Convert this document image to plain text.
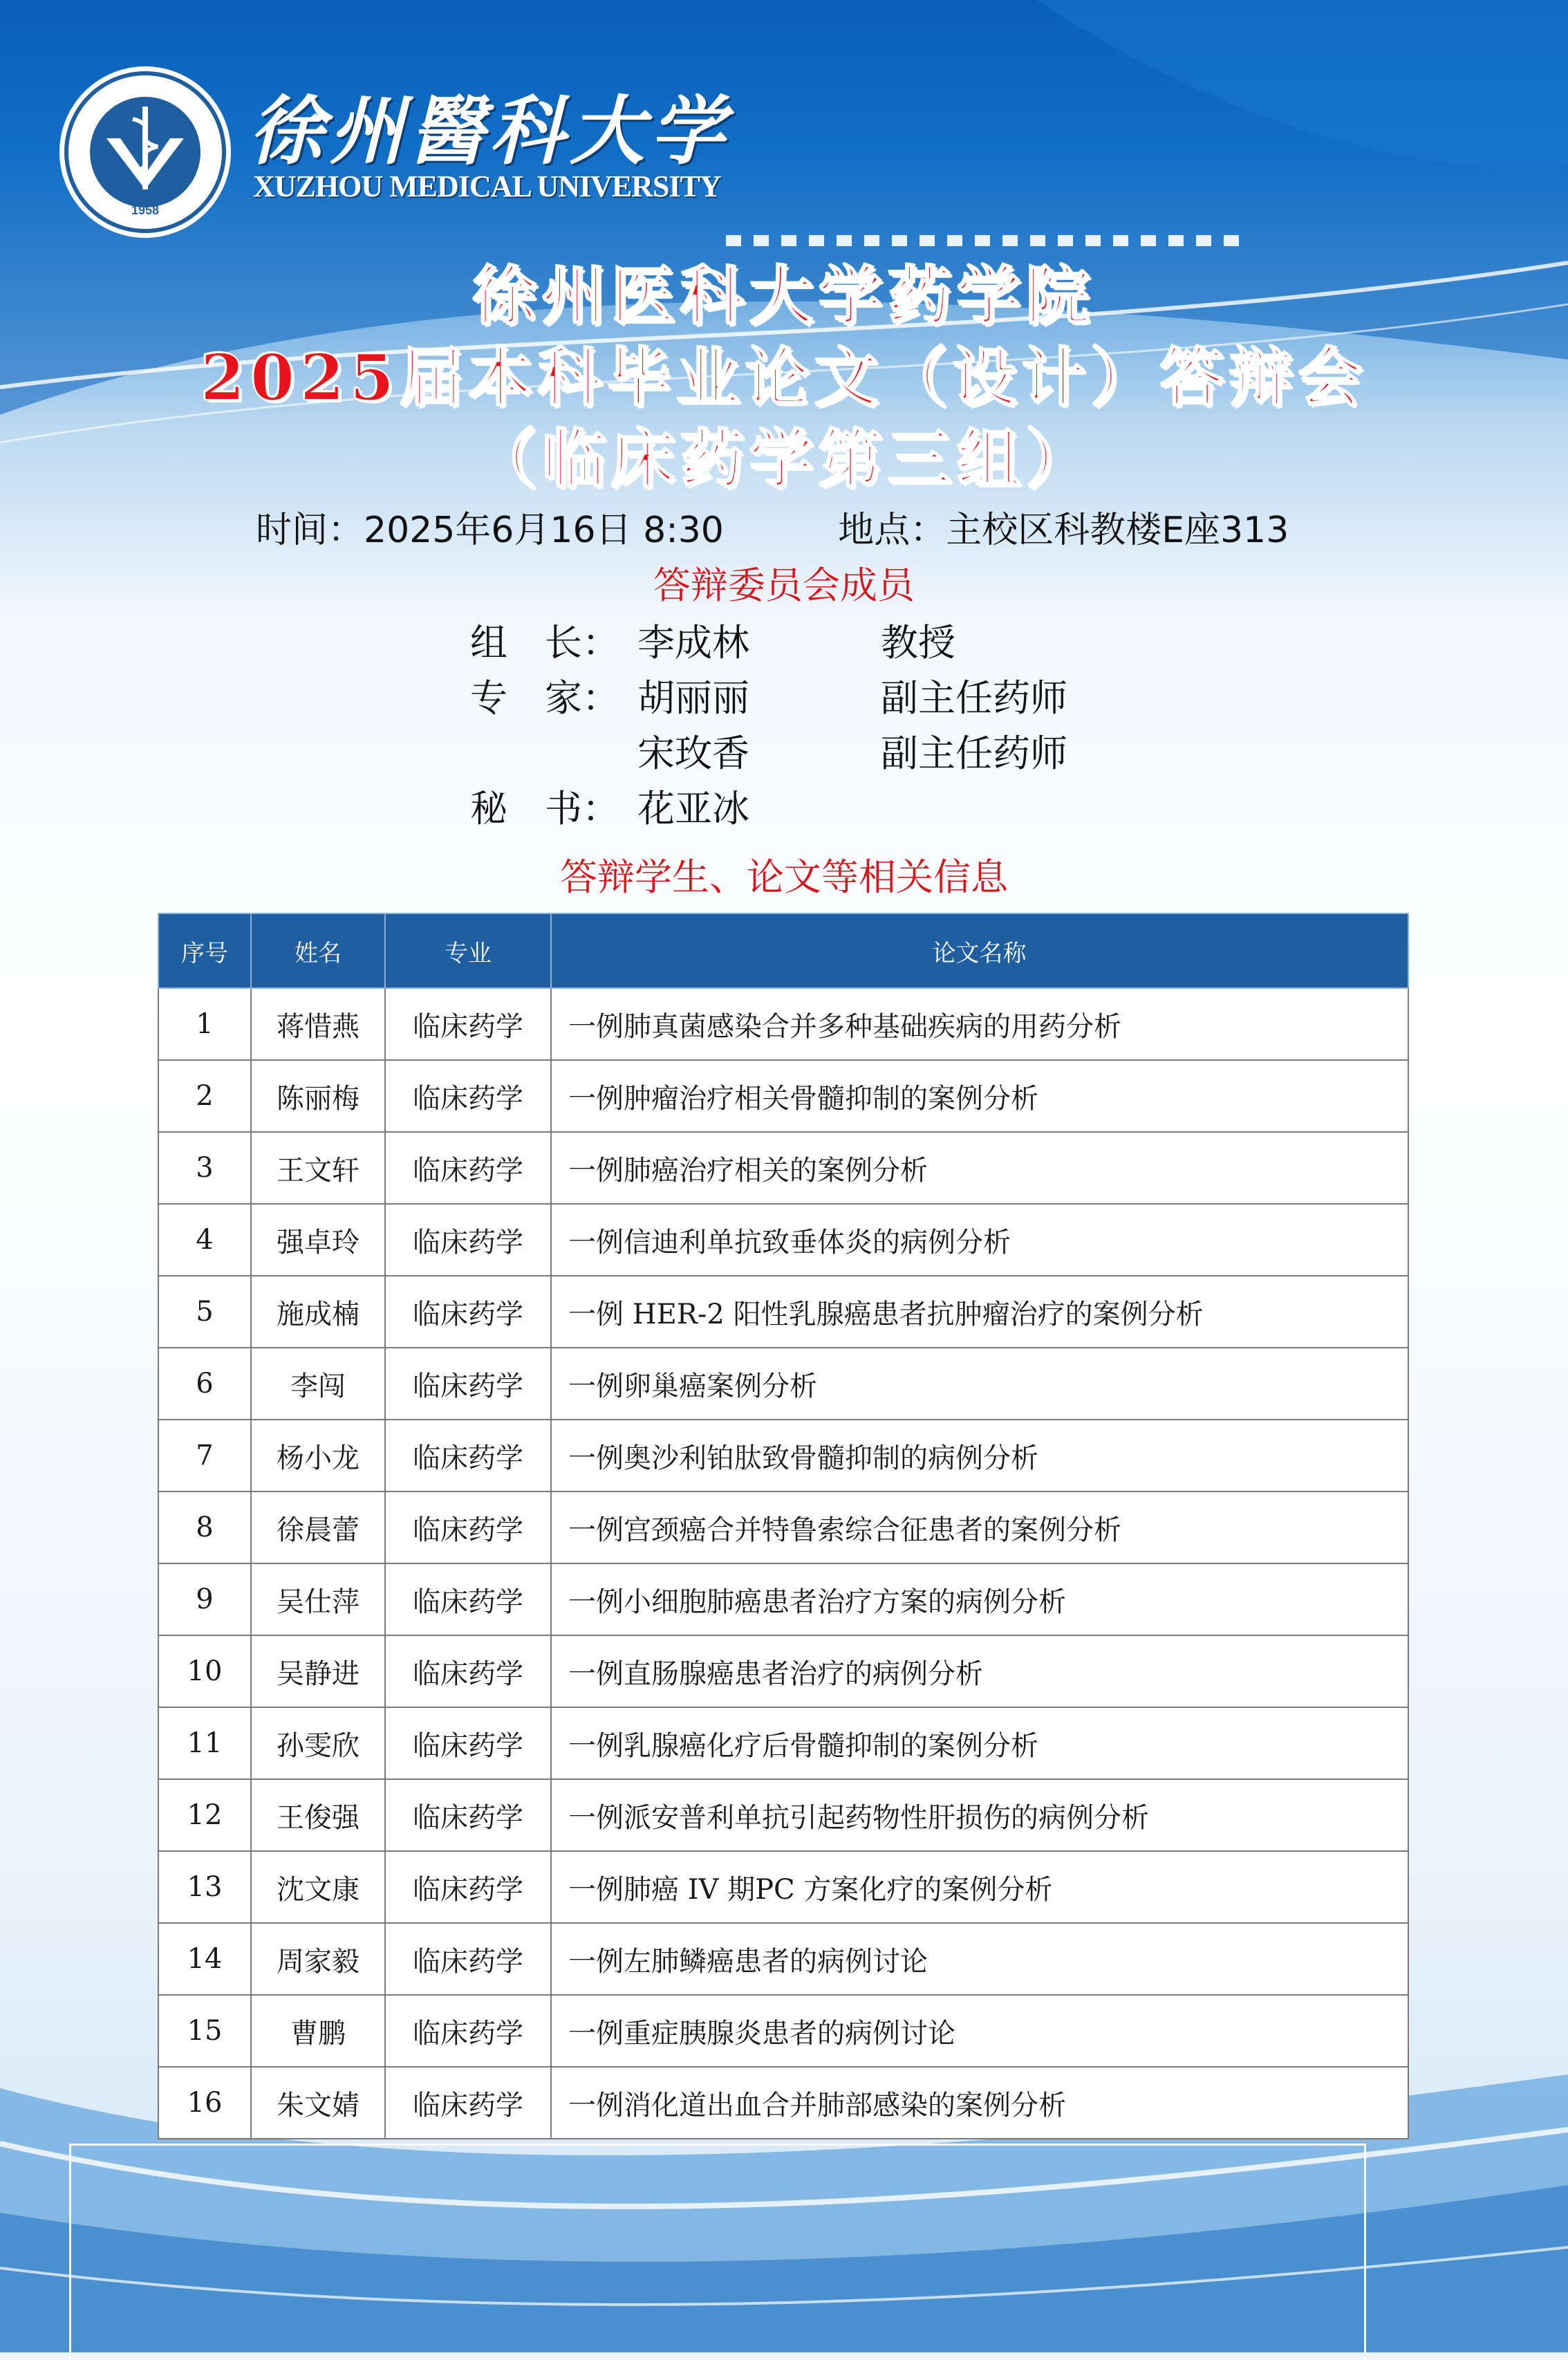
1958
徐州醫科大学
XUZHOU MEDICAL UNIVERSITY
徐州医科大学药学院
2025届本科毕业论文（设计）答辩会
（临床药学第三组）
时间：2025年6月16日 8:30	地点：主校区科教楼E座313
答辩委员会成员
组　长： 李成林	教授
专　家： 胡丽丽	副主任药师
宋玫香	副主任药师
秘　书： 花亚冰
答辩学生、论文等相关信息
序号	姓名	专业	论文名称
1	蒋惜燕	临床药学	一例肺真菌感染合并多种基础疾病的用药分析
2	陈丽梅	临床药学	一例肿瘤治疗相关骨髓抑制的案例分析
3	王文轩	临床药学	一例肺癌治疗相关的案例分析
4	强卓玲	临床药学	一例信迪利单抗致垂体炎的病例分析
5	施成楠	临床药学	一例 HER-2 阳性乳腺癌患者抗肿瘤治疗的案例分析
6	李闯	临床药学	一例卵巢癌案例分析
7	杨小龙	临床药学	一例奥沙利铂肽致骨髓抑制的病例分析
8	徐晨蕾	临床药学	一例宫颈癌合并特鲁索综合征患者的案例分析
9	吴仕萍	临床药学	一例小细胞肺癌患者治疗方案的病例分析
10	吴静进	临床药学	一例直肠腺癌患者治疗的病例分析
11	孙雯欣	临床药学	一例乳腺癌化疗后骨髓抑制的案例分析
12	王俊强	临床药学	一例派安普利单抗引起药物性肝损伤的病例分析
13	沈文康	临床药学	一例肺癌 IV 期PC 方案化疗的案例分析
14	周家毅	临床药学	一例左肺鳞癌患者的病例讨论
15	曹鹏	临床药学	一例重症胰腺炎患者的病例讨论
16	朱文婧	临床药学	一例消化道出血合并肺部感染的案例分析
